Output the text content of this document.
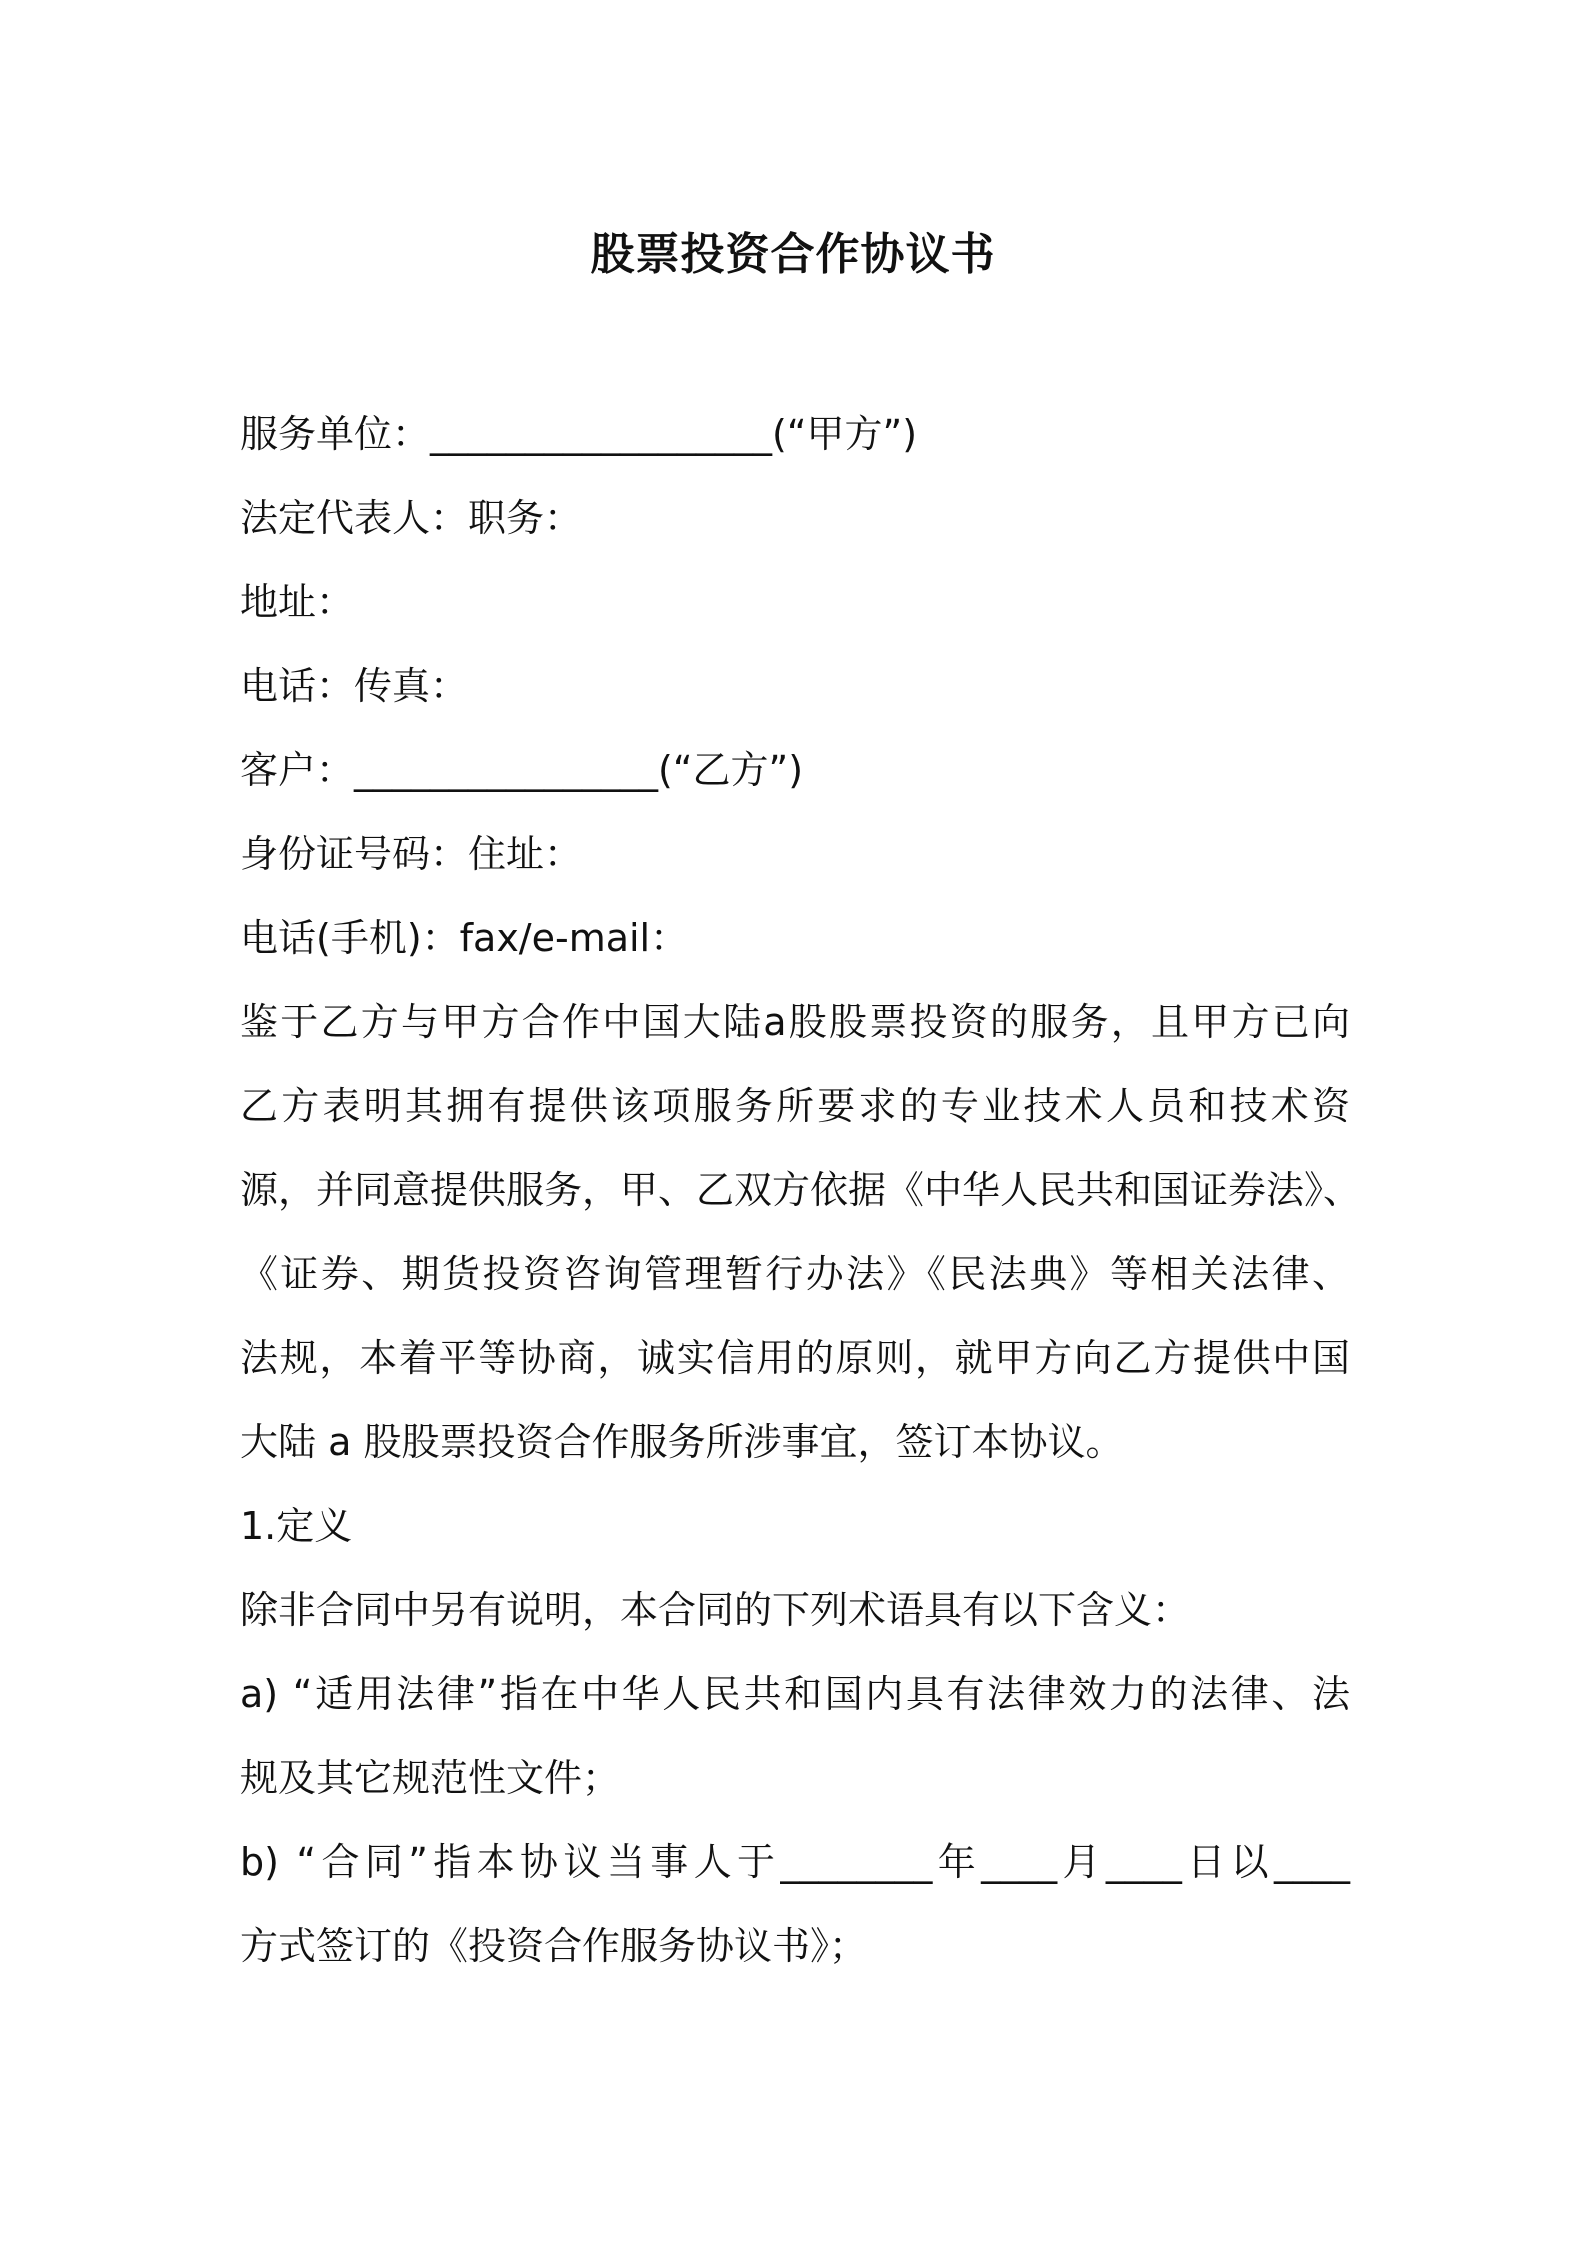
股票投资合作协议书
服务单位：__________________(“甲方”)
法定代表人：职务：
地址：
电话：传真：
客户：________________(“乙方”)
身份证号码：住址：
电话(手机)：fax/e-mail：
鉴于乙方与甲方合作中国大陆a股股票投资的服务，且甲方已向
乙方表明其拥有提供该项服务所要求的专业技术人员和技术资
源，并同意提供服务，甲、乙双方依据《中华人民共和国证券法》、
《证券、期货投资咨询管理暂行办法》《民法典》等相关法律、
法规，本着平等协商，诚实信用的原则，就甲方向乙方提供中国
大陆 a 股股票投资合作服务所涉事宜，签订本协议。
1.定义
除非合同中另有说明，本合同的下列术语具有以下含义：
a) “适用法律”指在中华人民共和国内具有法律效力的法律、法
规及其它规范性文件；
b) “合同”指本协议当事人于________年____月____日以____
方式签订的《投资合作服务协议书》；
